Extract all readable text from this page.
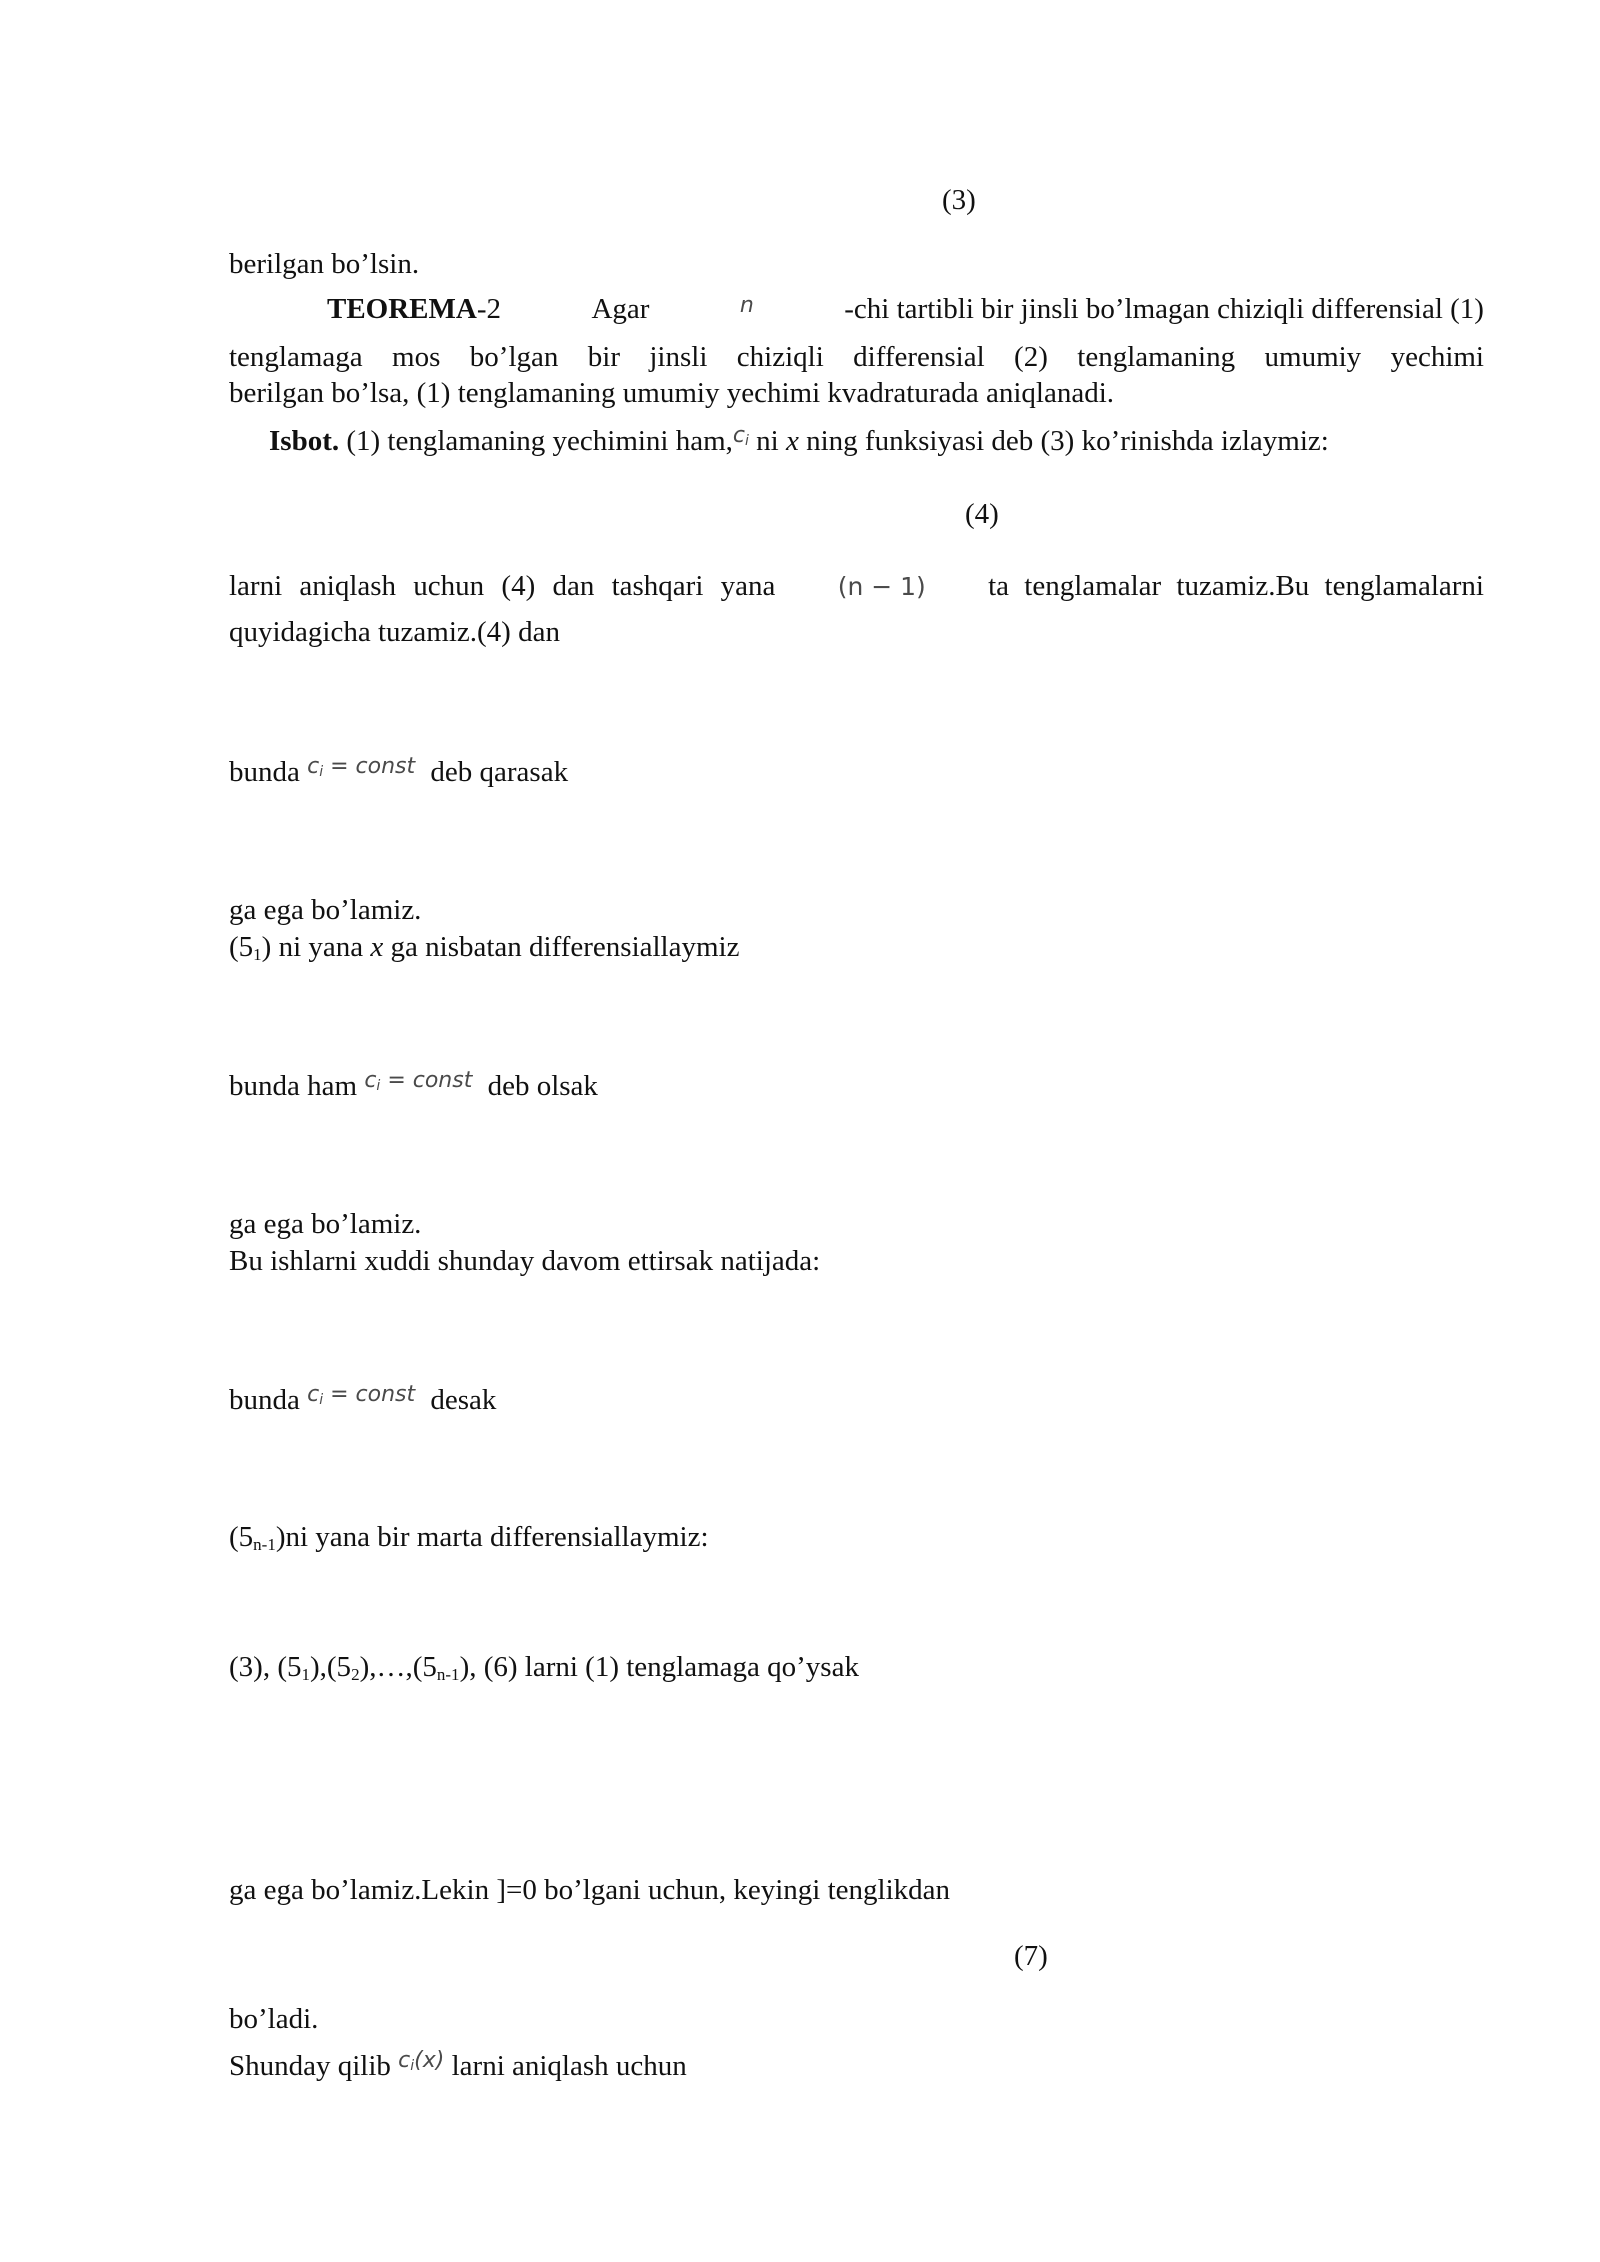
(3)
berilgan bo’lsin.
TEOREMA-2	Agar	n	-chi tartibli bir jinsli bo’lmagan chiziqli differensial (1)
tenglamaga mos bo’lgan bir jinsli chiziqli differensial (2) tenglamaning umumiy yechimi
berilgan bo’lsa, (1) tenglamaning umumiy yechimi kvadraturada aniqlanadi.
Isbot. (1) tenglamaning yechimini $ham,c_i$ ni x ning funksiyasi deb (3) ko’rinishda izlaymiz:
(4)
larni aniqlash uchun (4) dan tashqari yana (n − 1) ta tenglamalar tuzamiz.Bu tenglamalarni
quyidagicha tuzamiz.(4) dan
bunda $c_i$ = const deb qarasak
ga ega bo’lamiz.
$(5_1)$ ni yana x ga nisbatan differensiallaymiz
bunda ham $c_i$ = const deb olsak
ga ega bo’lamiz.
Bu ishlarni xuddi shunday davom ettirsak natijada:
bunda $c_i$ = const desak
$(5_{n-1})ni$ yana bir marta differensiallaymiz:
(3), $(5_1),(5_2),\dots,(5_{n-1})$, (6) larni (1) tenglamaga qo’ysak
ga ega bo’lamiz.Lekin ]=0 bo’lgani uchun, keyingi tenglikdan
(7)
bo’ladi.
Shunday qilib $c_i(x)$ larni aniqlash uchun
